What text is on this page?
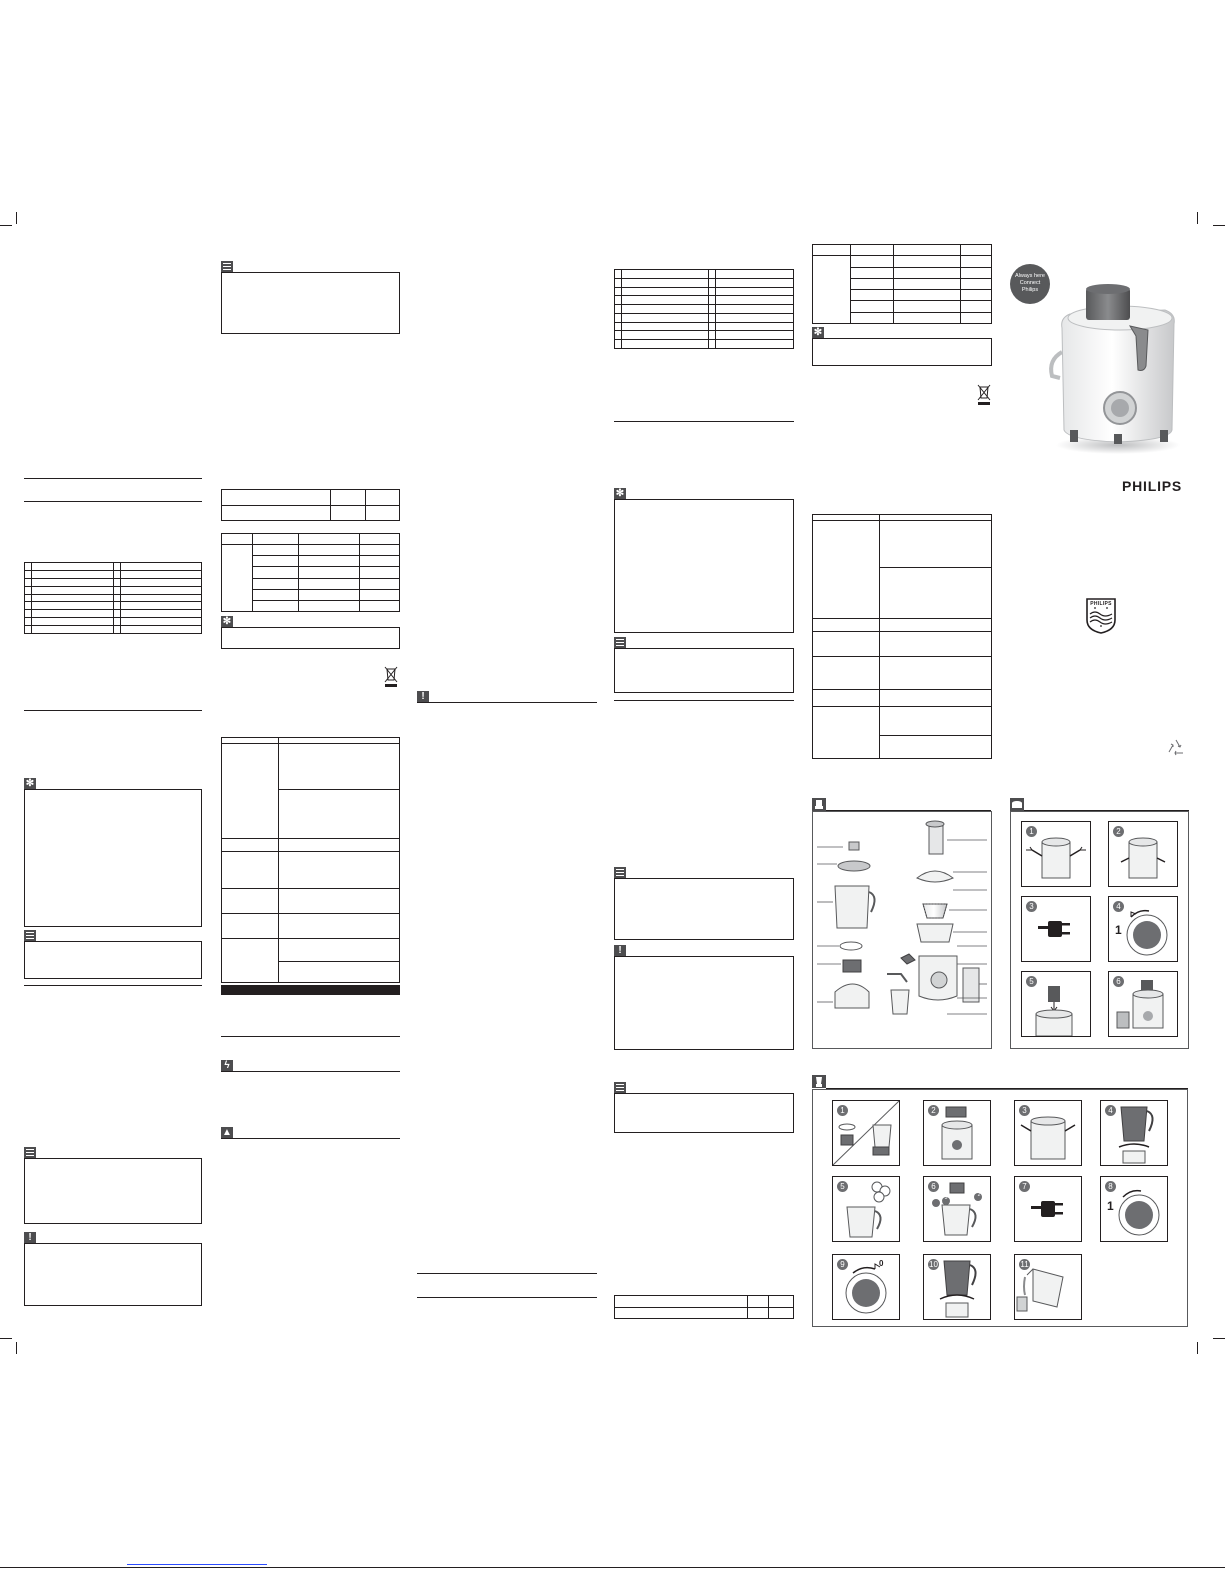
✻
!

✻

ϟ
▲
!

✻
!

✻

Always here
Connect
Philips
PHILIPS
PHILIPS
1	2
3	4
1
5	6
1	2	3	4
5	6
1
2
3
7	8
1
9	0	10	11
